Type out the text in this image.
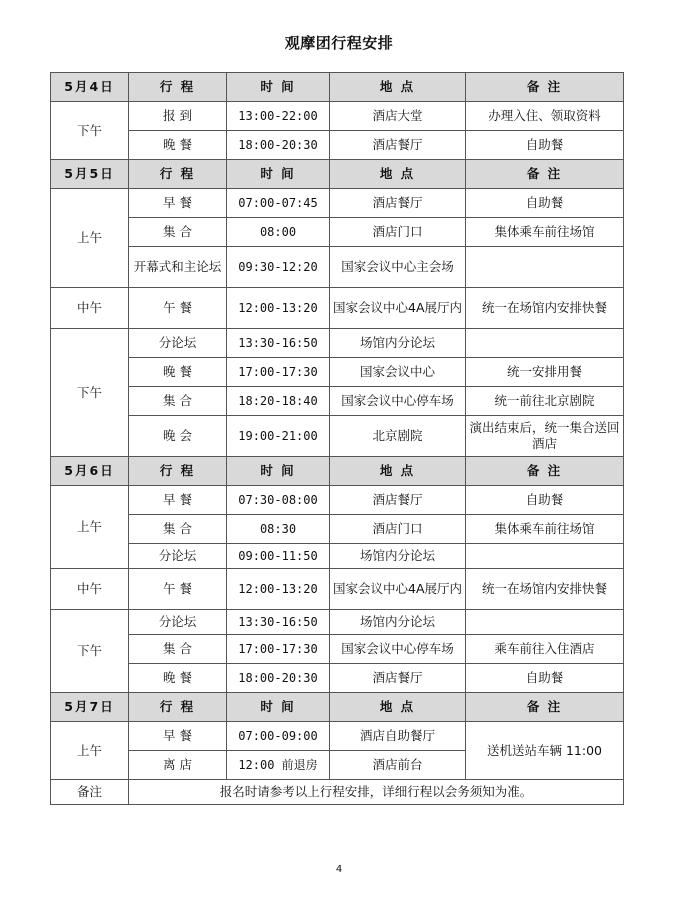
观摩团行程安排
5月4日	行 程	时 间	地 点	备 注
下午	报 到	13:00-22:00	酒店大堂	办理入住、领取资料
	晚 餐	18:00-20:30	酒店餐厅	自助餐
5月5日	行 程	时 间	地 点	备 注
上午	早 餐	07:00-07:45	酒店餐厅	自助餐
	集 合	08:00	酒店门口	集体乘车前往场馆
	开幕式和主论坛	09:30-12:20	国家会议中心主会场	
中午	午 餐	12:00-13:20	国家会议中心4A展厅内	统一在场馆内安排快餐
下午	分论坛	13:30-16:50	场馆内分论坛	
	晚 餐	17:00-17:30	国家会议中心	统一安排用餐
	集 合	18:20-18:40	国家会议中心停车场	统一前往北京剧院
	晚 会	19:00-21:00	北京剧院	演出结束后，统一集合送回酒店
5月6日	行 程	时 间	地 点	备 注
上午	早 餐	07:30-08:00	酒店餐厅	自助餐
	集 合	08:30	酒店门口	集体乘车前往场馆
	分论坛	09:00-11:50	场馆内分论坛	
中午	午 餐	12:00-13:20	国家会议中心4A展厅内	统一在场馆内安排快餐
下午	分论坛	13:30-16:50	场馆内分论坛	
	集 合	17:00-17:30	国家会议中心停车场	乘车前往入住酒店
	晚 餐	18:00-20:30	酒店餐厅	自助餐
5月7日	行 程	时 间	地 点	备 注
上午	早 餐	07:00-09:00	酒店自助餐厅	送机送站车辆 11:00
	离 店	12:00 前退房	酒店前台	
备注	报名时请参考以上行程安排，详细行程以会务须知为准。			
4
